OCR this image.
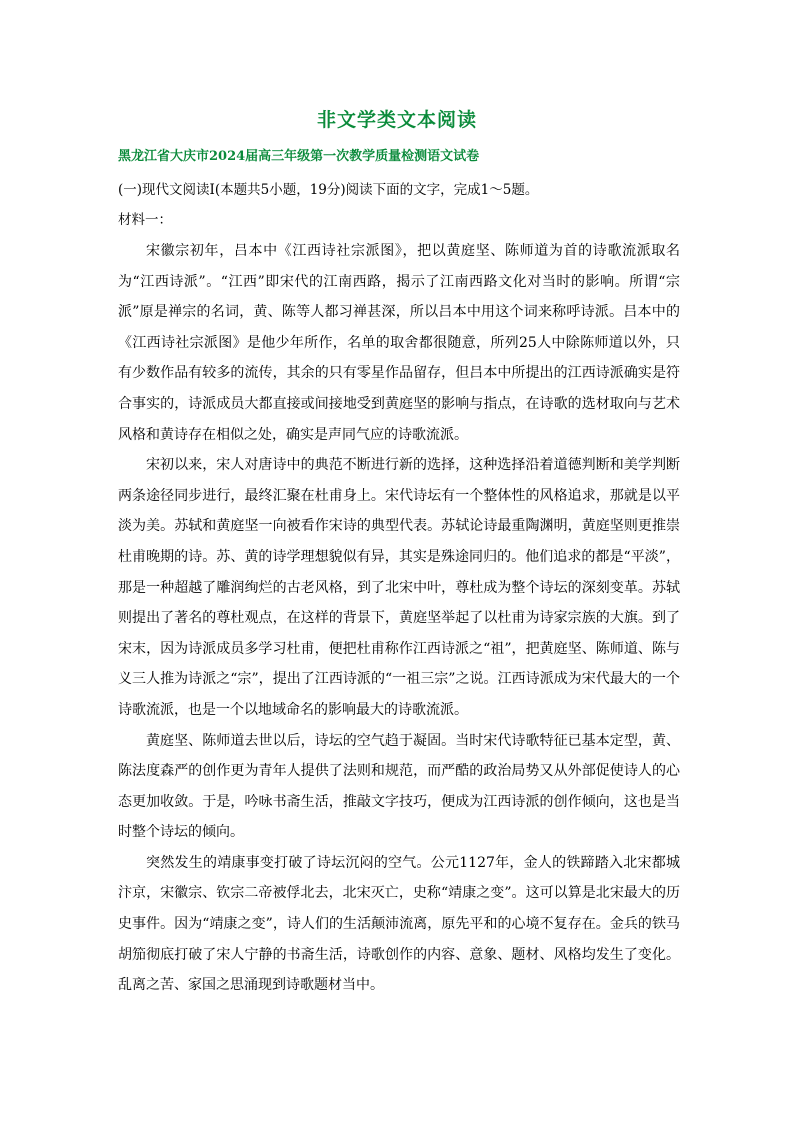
非文学类文本阅读
黑龙江省大庆市2024届高三年级第一次教学质量检测语文试卷
(一)现代文阅读Ⅰ(本题共5小题，19分)阅读下面的文字，完成1～5题。
材料一：

宋徽宗初年，吕本中《江西诗社宗派图》，把以黄庭坚、陈师道为首的诗歌流派取名为“江西诗派”。“江西”即宋代的江南西路，揭示了江南西路文化对当时的影响。所谓“宗派”原是禅宗的名词，黄、陈等人都习禅甚深，所以吕本中用这个词来称呼诗派。吕本中的《江西诗社宗派图》是他少年所作，名单的取舍都很随意，所列25人中除陈师道以外，只有少数作品有较多的流传，其余的只有零星作品留存，但吕本中所提出的江西诗派确实是符合事实的，诗派成员大都直接或间接地受到黄庭坚的影响与指点，在诗歌的选材取向与艺术风格和黄诗存在相似之处，确实是声同气应的诗歌流派。

宋初以来，宋人对唐诗中的典范不断进行新的选择，这种选择沿着道德判断和美学判断两条途径同步进行，最终汇聚在杜甫身上。宋代诗坛有一个整体性的风格追求，那就是以平淡为美。苏轼和黄庭坚一向被看作宋诗的典型代表。苏轼论诗最重陶渊明，黄庭坚则更推崇杜甫晚期的诗。苏、黄的诗学理想貌似有异，其实是殊途同归的。他们追求的都是“平淡”，那是一种超越了雕润绚烂的古老风格，到了北宋中叶，尊杜成为整个诗坛的深刻变革。苏轼则提出了著名的尊杜观点，在这样的背景下，黄庭坚举起了以杜甫为诗家宗族的大旗。到了宋末，因为诗派成员多学习杜甫，便把杜甫称作江西诗派之“祖”，把黄庭坚、陈师道、陈与义三人推为诗派之“宗”，提出了江西诗派的“一祖三宗”之说。江西诗派成为宋代最大的一个诗歌流派，也是一个以地域命名的影响最大的诗歌流派。

黄庭坚、陈师道去世以后，诗坛的空气趋于凝固。当时宋代诗歌特征已基本定型，黄、陈法度森严的创作更为青年人提供了法则和规范，而严酷的政治局势又从外部促使诗人的心态更加收敛。于是，吟咏书斋生活，推敲文字技巧，便成为江西诗派的创作倾向，这也是当时整个诗坛的倾向。

突然发生的靖康事变打破了诗坛沉闷的空气。公元1127年，金人的铁蹄踏入北宋都城汴京，宋徽宗、钦宗二帝被俘北去，北宋灭亡，史称“靖康之变”。这可以算是北宋最大的历史事件。因为“靖康之变”，诗人们的生活颠沛流离，原先平和的心境不复存在。金兵的铁马胡笳彻底打破了宋人宁静的书斋生活，诗歌创作的内容、意象、题材、风格均发生了变化。乱离之苦、家国之思涌现到诗歌题材当中。
